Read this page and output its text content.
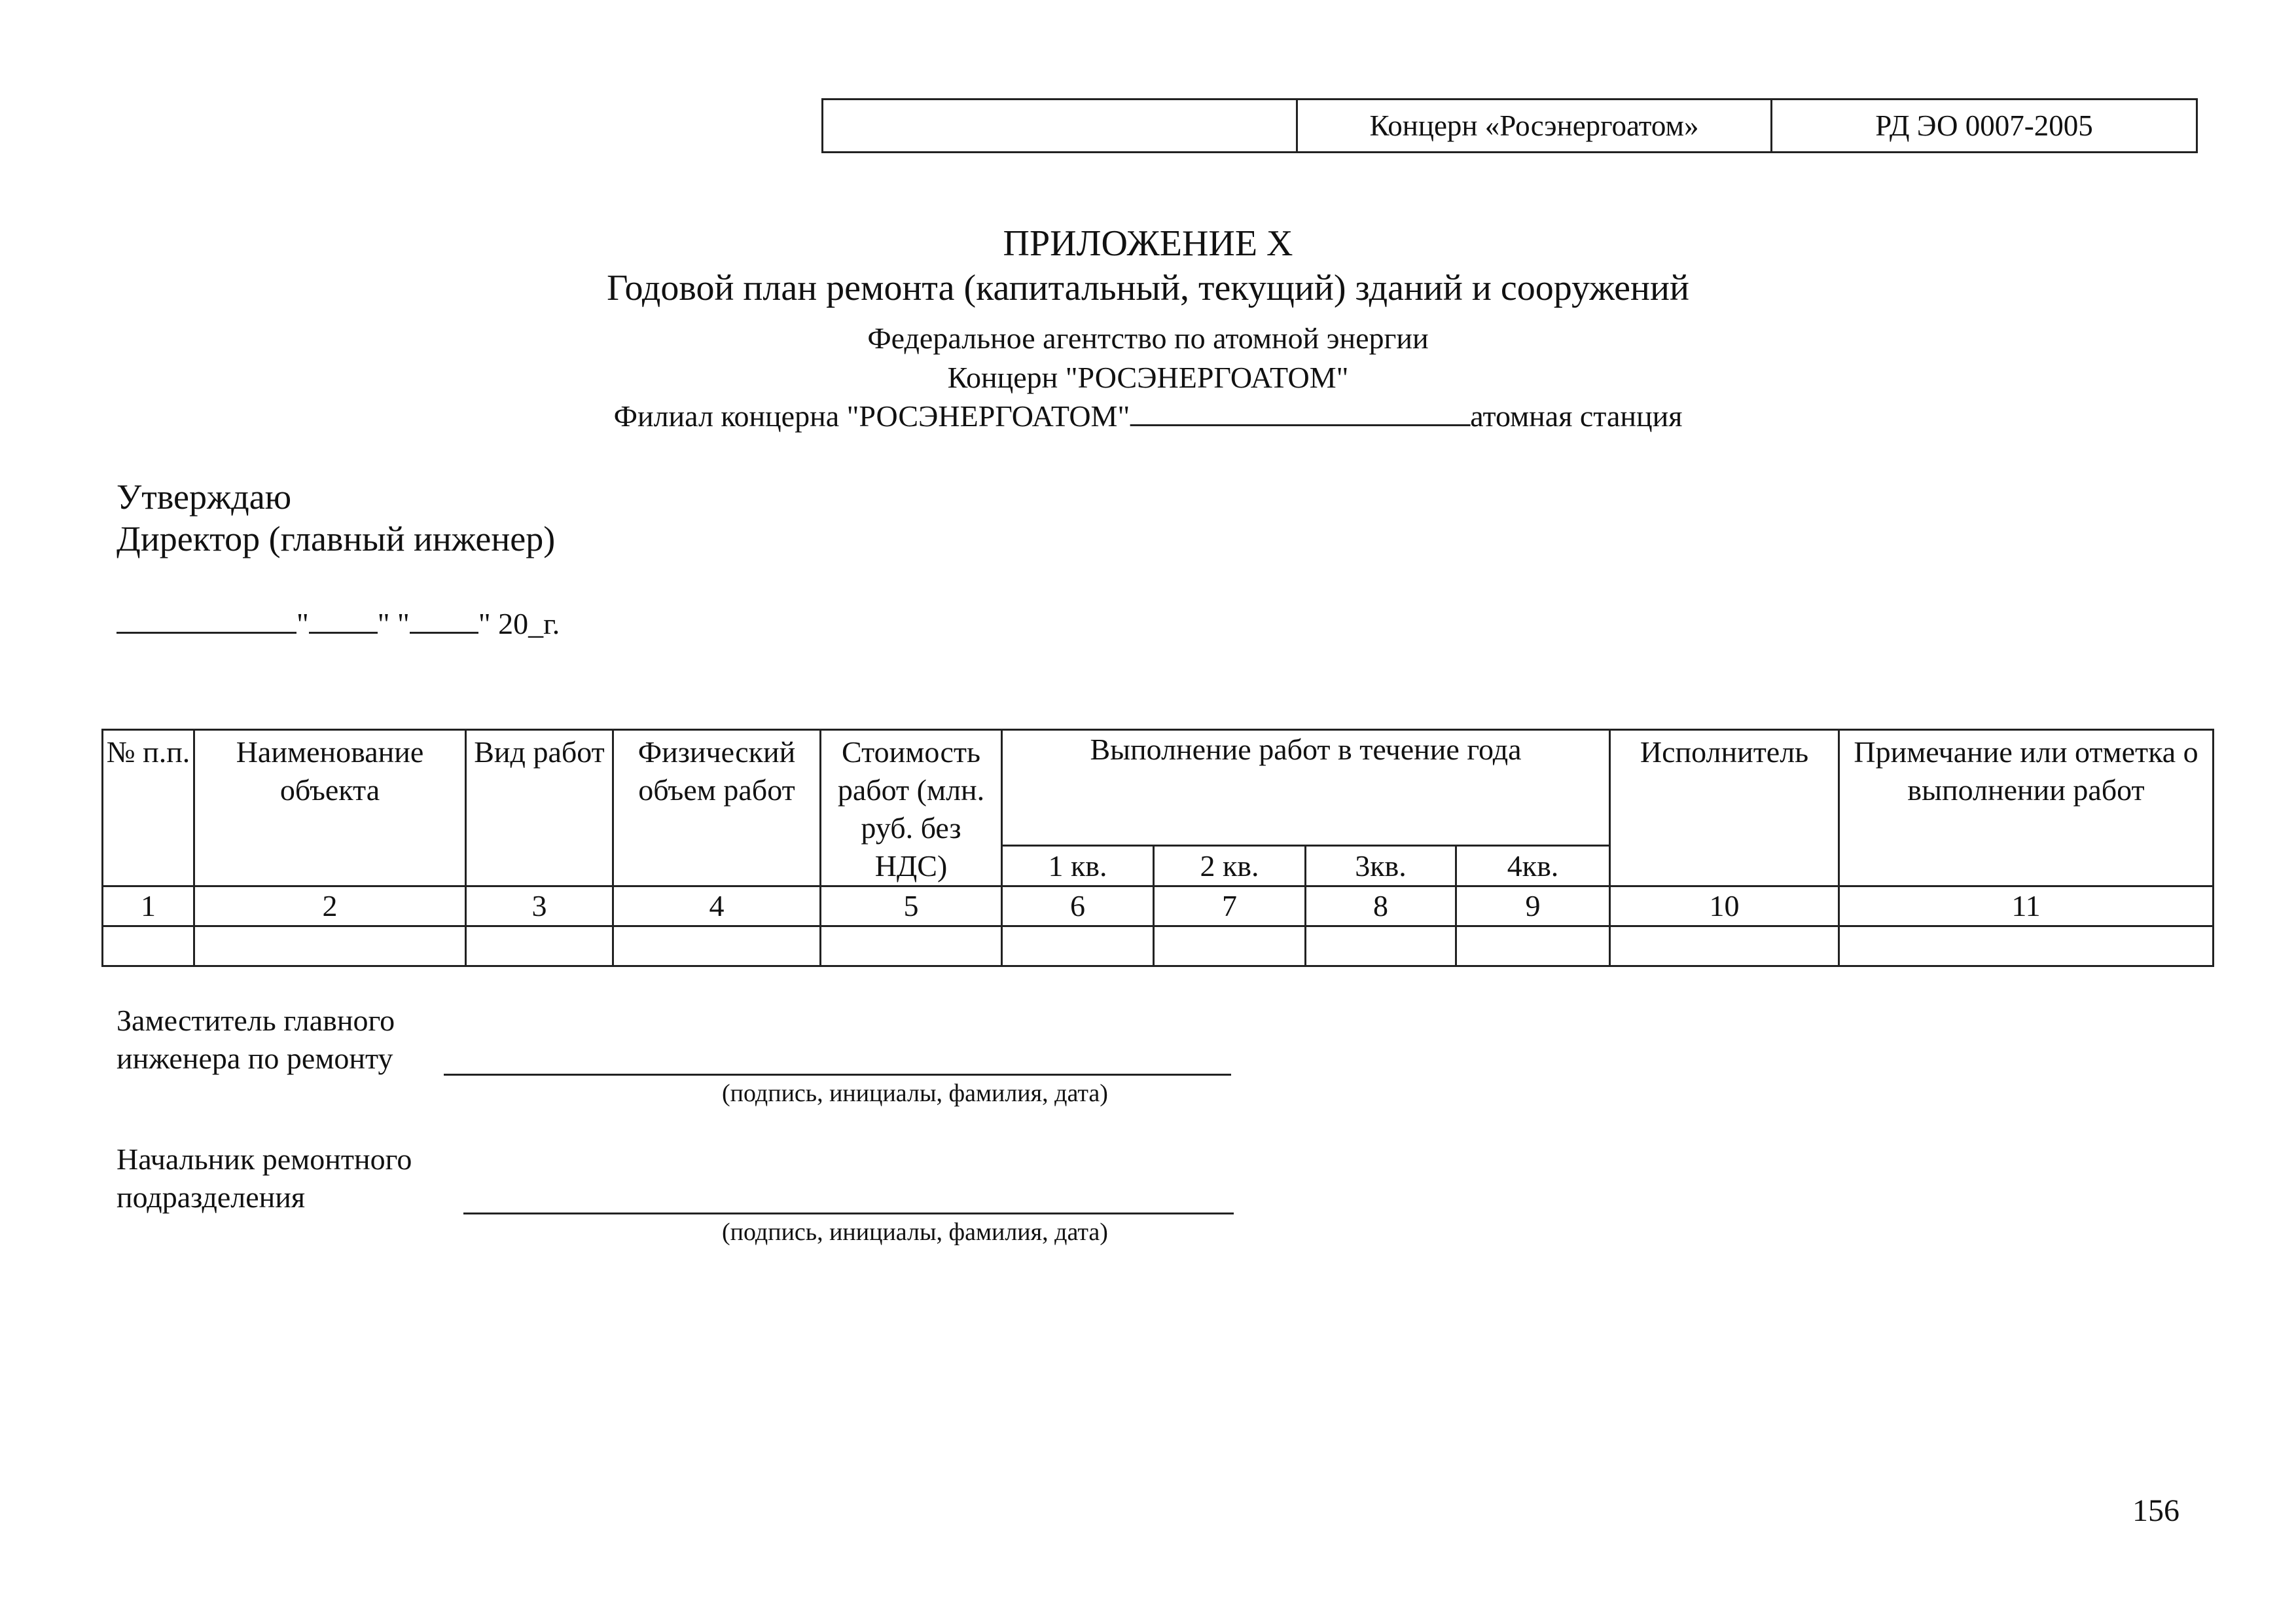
	Концерн «Росэнергоатом»	РД ЭО 0007-2005
ПРИЛОЖЕНИЕ Х
Годовой план ремонта (капитальный, текущий) зданий и сооружений
Федеральное агентство по атомной энергии
Концерн "РОСЭНЕРГОАТОМ"
Филиал концерна "РОСЭНЕРГОАТОМ"	атомная станция
Утверждаю
Директор (главный инженер)
" " " " 20_г.
№ п.п.	Наименование объекта	Вид работ	Физический объем работ	Стоимость работ (млн. руб. без НДС)	Выполнение работ в течение года				Исполнитель	Примечание или отметка о выполнении работ
					1 кв.	2 кв.	3кв.	4кв.		
1	2	3	4	5	6	7	8	9	10	11

Заместитель главного
инженера по ремонту
(подпись, инициалы, фамилия, дата)
Начальник ремонтного
подразделения
(подпись, инициалы, фамилия, дата)
156
